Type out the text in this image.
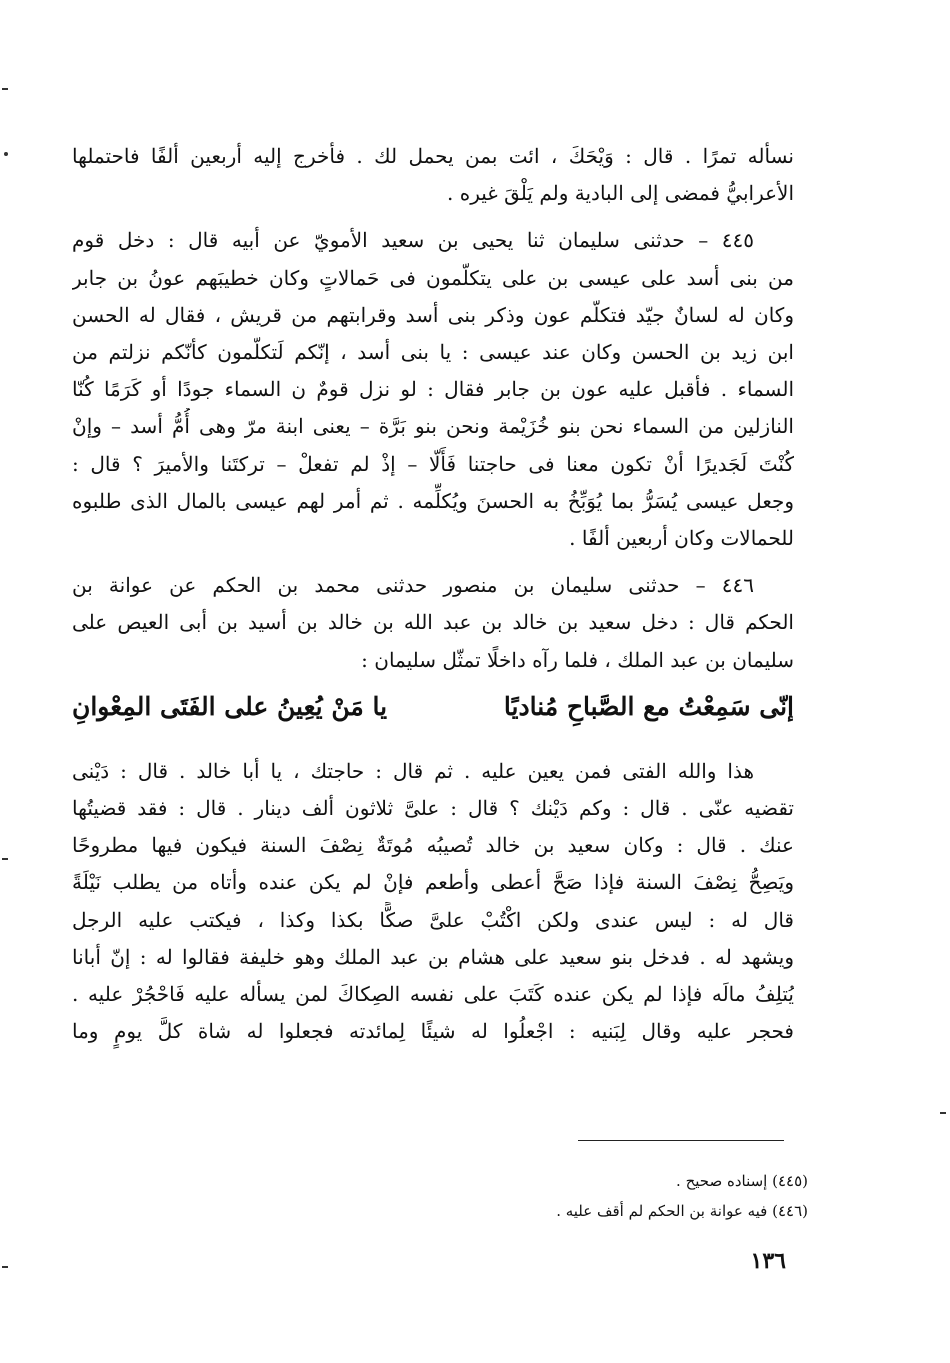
نسأله تمرًا . قال : وَيْحَكَ ، ائت بمن يحمل لك . فأخرج إليه أربعين ألفًا فاحتملها
الأعرابيُّ فمضى إلى البادية ولم يَلْقَ غيره .
٤٤٥ – حدثنى سليمان ثنا يحيى بن سعيد الأمويّ عن أبيه قال : دخل قوم
من بنى أسد على عيسى بن على يتكلّمون فى حَمالاتٍ وكان خطيبَهم عونُ بن جابر
وكان له لسانٌ جيّد فتكلّم عون وذكر بنى أسد وقرابتهم من قريش ، فقال له الحسن
ابن زيد بن الحسن وكان عند عيسى : يا بنى أسد ، إنّكم لَتكلّمون كأنّكم نزلتم من
السماء . فأقبل عليه عون بن جابر فقال : لو نزل قومٌ ن السماء جودًا أو كَرَمًا كُنّا
النازلين من السماء نحن بنو خُزَيْمة ونحن بنو بَرَّة – يعنى ابنة مرّ وهى أُمُّ أسد – وإنْ
كُنْتَ لَجَديرًا أنْ تكون معنا فى حاجتنا فَأَلّا – إذْ لم تفعلْ – تركتَنا والأميرَ ؟ قال :
وجعل عيسى يُسَرُّ بما يُوَبِّخُ به الحسنَ ويُكلِّمه . ثم أمر لهم عيسى بالمال الذى طلبوه
للحمالات وكان أربعين ألفًا .
٤٤٦ – حدثنى سليمان بن منصور حدثنى محمد بن الحكم عن عوانة بن
الحكم قال : دخل سعيد بن خالد بن عبد الله بن خالد بن أسيد بن أبى العيص على
سليمان بن عبد الملك ، فلما رآه داخلًا تمثّل سليمان :
إنّى سَمِعْتُ مع الصَّباحِ مُناديًا
يا مَنْ يُعِينُ على الفَتَى المِعْوانِ
هذا والله الفتى فمن يعين عليه . ثم قال : حاجتك ، يا أبا خالد . قال : دَيْنى
تقضيه عنّى . قال : وكم دَيْنك ؟ قال : علىَّ ثلاثون ألف دينار . قال : فقد قضيتُها
عنك . قال : وكان سعيد بن خالد تُصيبُه مُوتَةٌ نِصْفَ السنة فيكون فيها مطروحًا
ويَصِحُّ نِصْفَ السنة فإذا صَحَّ أعطى وأطعم فإنْ لم يكن عنده وأتاه من يطلب نَيْلَةً
قال له : ليس عندى ولكن اكْتُبْ علىَّ صكًّا بكذا وكذا ، فيكتب عليه الرجل
ويشهد له . فدخل بنو سعيد على هشام بن عبد الملك وهو خليفة فقالوا له : إنّ أبانا
يُتلِفُ مالَه فإذا لم يكن عنده كَتَبَ على نفسه الصِكاكَ لمن يسأله عليه فَاحْجُرْ عليه .
فحجر عليه وقال لِبَنيه : اجْعلُوا له شيئًا لِمائدته فجعلوا له شاة كلَّ يومٍ وما
(٤٤٥) إسناده صحيح .
(٤٤٦) فيه عوانة بن الحكم لم أقف عليه .
١٣٦
